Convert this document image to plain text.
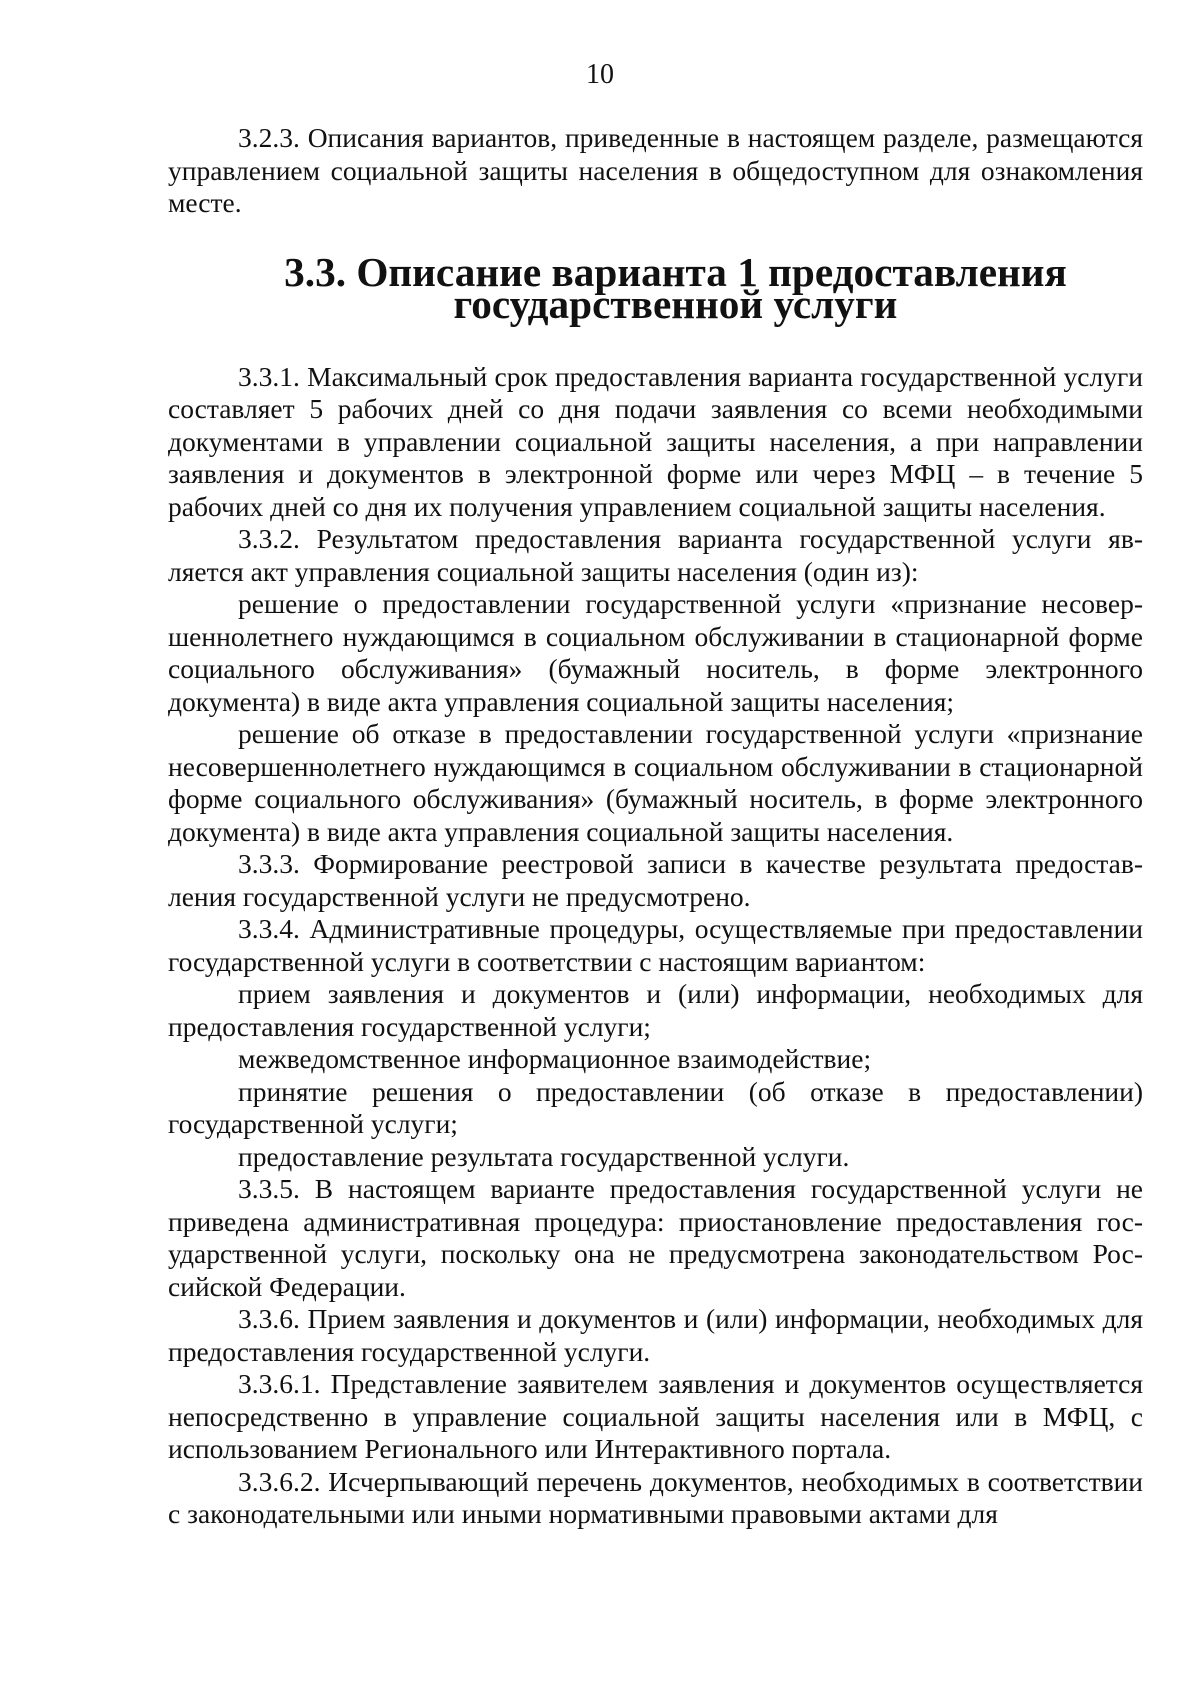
10

3.2.3. Описания вариантов, приведенные в настоящем разделе, размещаются управлением социальной защиты населения в общедоступном для ознакомления месте.

3.3. Описание варианта 1 предоставления
государственной услуги

3.3.1. Максимальный срок предоставления варианта государственной услуги составляет 5 рабочих дней со дня подачи заявления со всеми необходимыми документами в управлении социальной защиты населения, а при направлении заявления и документов в электронной форме или через МФЦ – в течение 5 рабочих дней со дня их получения управлением социальной защиты населения.

3.3.2. Результатом предоставления варианта государственной услуги является акт управления социальной защиты населения (один из):

решение о предоставлении государственной услуги «признание несовершеннолетнего нуждающимся в социальном обслуживании в стационарной форме социального обслуживания» (бумажный носитель, в форме электронного документа) в виде акта управления социальной защиты населения;

решение об отказе в предоставлении государственной услуги «признание несовершеннолетнего нуждающимся в социальном обслуживании в стационарной форме социального обслуживания» (бумажный носитель, в форме электронного документа) в виде акта управления социальной защиты населения.

3.3.3. Формирование реестровой записи в качестве результата предоставления государственной услуги не предусмотрено.

3.3.4. Административные процедуры, осуществляемые при предоставлении государственной услуги в соответствии с настоящим вариантом:

прием заявления и документов и (или) информации, необходимых для предоставления государственной услуги;

межведомственное информационное взаимодействие;

принятие решения о предоставлении (об отказе в предоставлении) государственной услуги;

предоставление результата государственной услуги.

3.3.5. В настоящем варианте предоставления государственной услуги не приведена административная процедура: приостановление предоставления государственной услуги, поскольку она не предусмотрена законодательством Российской Федерации.

3.3.6. Прием заявления и документов и (или) информации, необходимых для предоставления государственной услуги.

3.3.6.1. Представление заявителем заявления и документов осуществляется непосредственно в управление социальной защиты населения или в МФЦ, с использованием Регионального или Интерактивного портала.

3.3.6.2. Исчерпывающий перечень документов, необходимых в соответствии с законодательными или иными нормативными правовыми актами для
